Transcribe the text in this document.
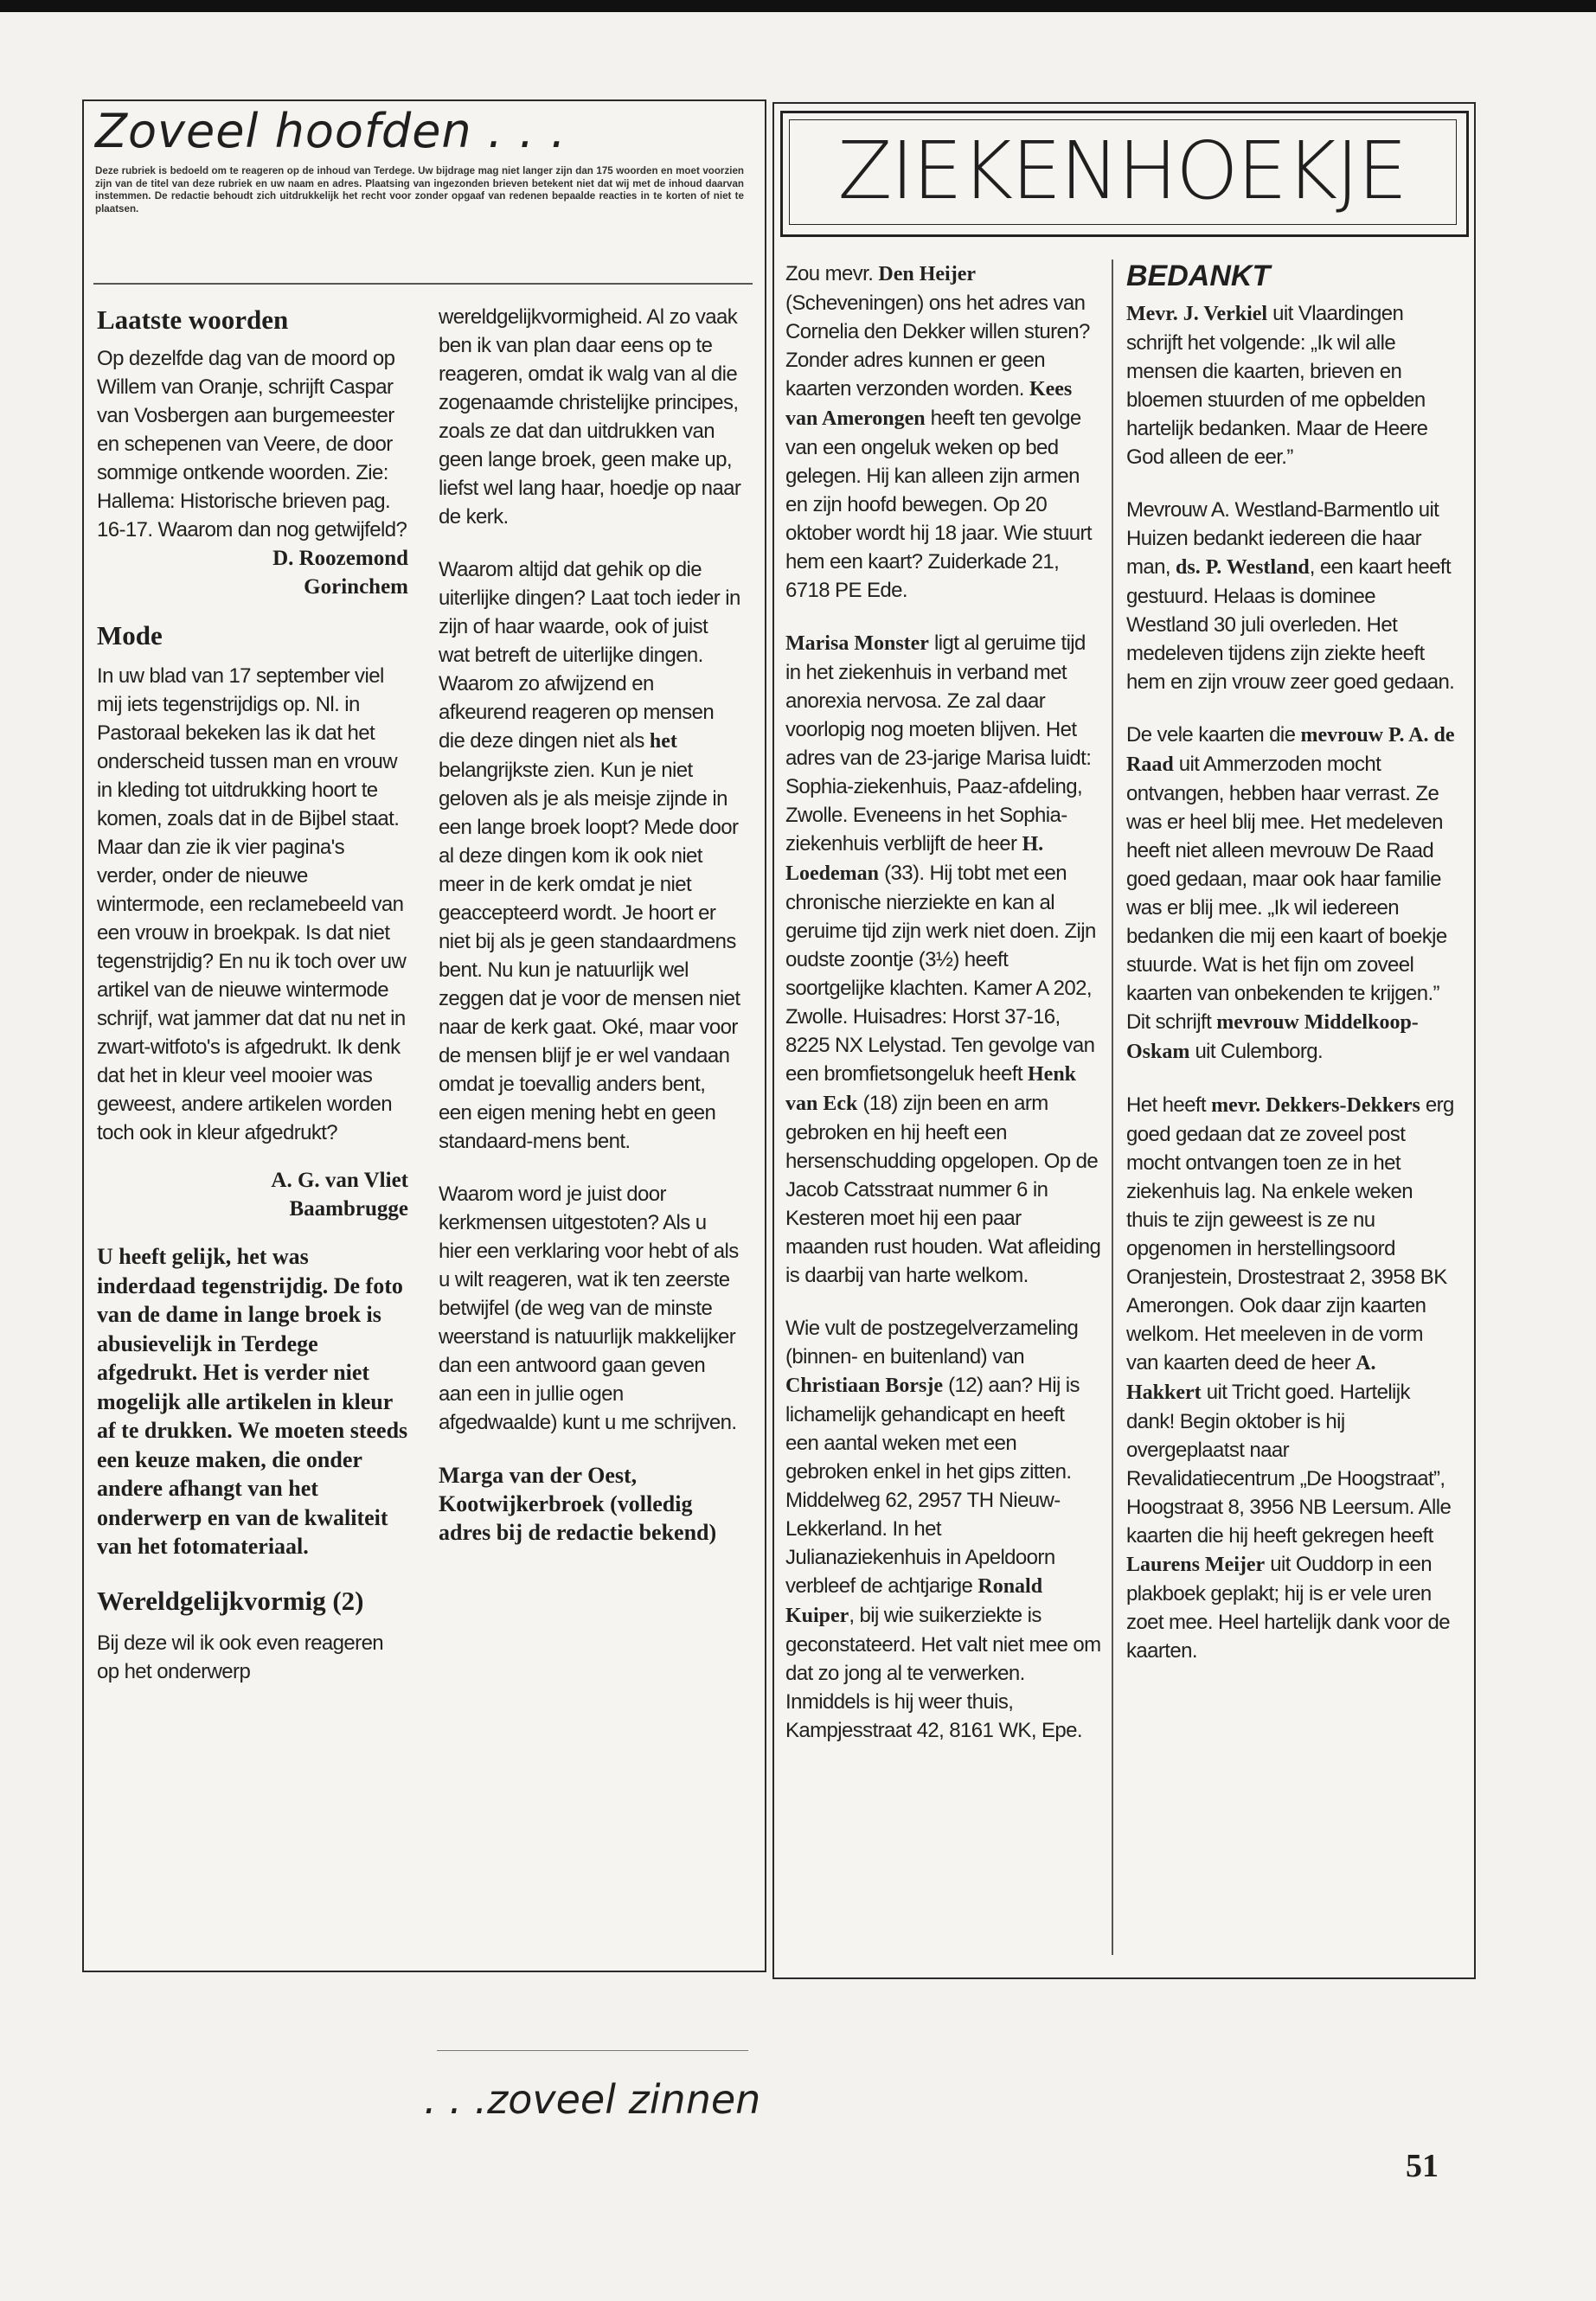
Zoveel hoofden . . .
Deze rubriek is bedoeld om te reageren op de inhoud van Terdege. Uw bijdrage mag niet langer zijn dan 175 woorden en moet voorzien zijn van de titel van deze rubriek en uw naam en adres. Plaatsing van ingezonden brieven betekent niet dat wij met de inhoud daarvan instemmen. De redactie behoudt zich uitdrukkelijk het recht voor zonder opgaaf van redenen bepaalde reacties in te korten of niet te plaatsen.

Laatste woorden

Op dezelfde dag van de moord op Willem van Oranje, schrijft Caspar van Vosbergen aan burgemeester en schepenen van Veere, de door sommige ontkende woorden. Zie: Hallema: Historische brieven pag. 16-17. Waarom dan nog getwijfeld?

D. Roozemond

Gorinchem

Mode

In uw blad van 17 september viel mij iets tegenstrijdigs op. Nl. in Pastoraal bekeken las ik dat het onderscheid tussen man en vrouw in kleding tot uitdrukking hoort te komen, zoals dat in de Bijbel staat. Maar dan zie ik vier pagina's verder, onder de nieuwe wintermode, een reclamebeeld van een vrouw in broekpak. Is dat niet tegenstrijdig? En nu ik toch over uw artikel van de nieuwe wintermode schrijf, wat jammer dat dat nu net in zwart-witfoto's is afgedrukt. Ik denk dat het in kleur veel mooier was geweest, andere artikelen worden toch ook in kleur afgedrukt?

A. G. van Vliet

Baambrugge

U heeft gelijk, het was inderdaad tegenstrijdig. De foto van de dame in lange broek is abusievelijk in Terdege afgedrukt. Het is verder niet mogelijk alle artikelen in kleur af te drukken. We moeten steeds een keuze maken, die onder andere afhangt van het onderwerp en van de kwaliteit van het fotomateriaal.

Wereldgelijkvormig (2)

Bij deze wil ik ook even reageren op het onderwerp

wereldgelijkvormigheid. Al zo vaak ben ik van plan daar eens op te reageren, omdat ik walg van al die zogenaamde christelijke principes, zoals ze dat dan uitdrukken van geen lange broek, geen make up, liefst wel lang haar, hoedje op naar de kerk.

Waarom altijd dat gehik op die uiterlijke dingen? Laat toch ieder in zijn of haar waarde, ook of juist wat betreft de uiterlijke dingen. Waarom zo afwijzend en afkeurend reageren op mensen die deze dingen niet als het belangrijkste zien. Kun je niet geloven als je als meisje zijnde in een lange broek loopt? Mede door al deze dingen kom ik ook niet meer in de kerk omdat je niet geaccepteerd wordt. Je hoort er niet bij als je geen standaardmens bent. Nu kun je natuurlijk wel zeggen dat je voor de mensen niet naar de kerk gaat. Oké, maar voor de mensen blijf je er wel vandaan omdat je toevallig anders bent, een eigen mening hebt en geen standaard-mens bent.

Waarom word je juist door kerkmensen uitgestoten? Als u hier een verklaring voor hebt of als u wilt reageren, wat ik ten zeerste betwijfel (de weg van de minste weerstand is natuurlijk makkelijker dan een antwoord gaan geven aan een in jullie ogen afgedwaalde) kunt u me schrijven.

Marga van der Oest, Kootwijkerbroek (volledig adres bij de redactie bekend)

. . .zoveel zinnen
ZIEKENHOEKJE

Zou mevr. Den Heijer (Scheveningen) ons het adres van Cornelia den Dekker willen sturen? Zonder adres kunnen er geen kaarten verzonden worden. Kees van Amerongen heeft ten gevolge van een ongeluk weken op bed gelegen. Hij kan alleen zijn armen en zijn hoofd bewegen. Op 20 oktober wordt hij 18 jaar. Wie stuurt hem een kaart? Zuiderkade 21, 6718 PE Ede.

Marisa Monster ligt al geruime tijd in het ziekenhuis in verband met anorexia nervosa. Ze zal daar voorlopig nog moeten blijven. Het adres van de 23-jarige Marisa luidt: Sophia-ziekenhuis, Paaz-afdeling, Zwolle. Eveneens in het Sophia-ziekenhuis verblijft de heer H. Loedeman (33). Hij tobt met een chronische nierziekte en kan al geruime tijd zijn werk niet doen. Zijn oudste zoontje (3½) heeft soortgelijke klachten. Kamer A 202, Zwolle. Huisadres: Horst 37-16, 8225 NX Lelystad. Ten gevolge van een bromfietsongeluk heeft Henk van Eck (18) zijn been en arm gebroken en hij heeft een hersenschudding opgelopen. Op de Jacob Catsstraat nummer 6 in Kesteren moet hij een paar maanden rust houden. Wat afleiding is daarbij van harte welkom.

Wie vult de postzegelverzameling (binnen- en buitenland) van Christiaan Borsje (12) aan? Hij is lichamelijk gehandicapt en heeft een aantal weken met een gebroken enkel in het gips zitten. Middelweg 62, 2957 TH Nieuw-Lekkerland. In het Julianaziekenhuis in Apeldoorn verbleef de achtjarige Ronald Kuiper, bij wie suikerziekte is geconstateerd. Het valt niet mee om dat zo jong al te verwerken. Inmiddels is hij weer thuis, Kampjesstraat 42, 8161 WK, Epe.

BEDANKT

Mevr. J. Verkiel uit Vlaardingen schrijft het volgende: „Ik wil alle mensen die kaarten, brieven en bloemen stuurden of me opbelden hartelijk bedanken. Maar de Heere God alleen de eer.”

Mevrouw A. Westland-Barmentlo uit Huizen bedankt iedereen die haar man, ds. P. Westland, een kaart heeft gestuurd. Helaas is dominee Westland 30 juli overleden. Het medeleven tijdens zijn ziekte heeft hem en zijn vrouw zeer goed gedaan.

De vele kaarten die mevrouw P. A. de Raad uit Ammerzoden mocht ontvangen, hebben haar verrast. Ze was er heel blij mee. Het medeleven heeft niet alleen mevrouw De Raad goed gedaan, maar ook haar familie was er blij mee. „Ik wil iedereen bedanken die mij een kaart of boekje stuurde. Wat is het fijn om zoveel kaarten van onbekenden te krijgen.” Dit schrijft mevrouw Middelkoop-Oskam uit Culemborg.

Het heeft mevr. Dekkers-Dekkers erg goed gedaan dat ze zoveel post mocht ontvangen toen ze in het ziekenhuis lag. Na enkele weken thuis te zijn geweest is ze nu opgenomen in herstellingsoord Oranjestein, Drostestraat 2, 3958 BK Amerongen. Ook daar zijn kaarten welkom. Het meeleven in de vorm van kaarten deed de heer A. Hakkert uit Tricht goed. Hartelijk dank! Begin oktober is hij overgeplaatst naar Revalidatiecentrum „De Hoogstraat”, Hoogstraat 8, 3956 NB Leersum. Alle kaarten die hij heeft gekregen heeft Laurens Meijer uit Ouddorp in een plakboek geplakt; hij is er vele uren zoet mee. Heel hartelijk dank voor de kaarten.

51
